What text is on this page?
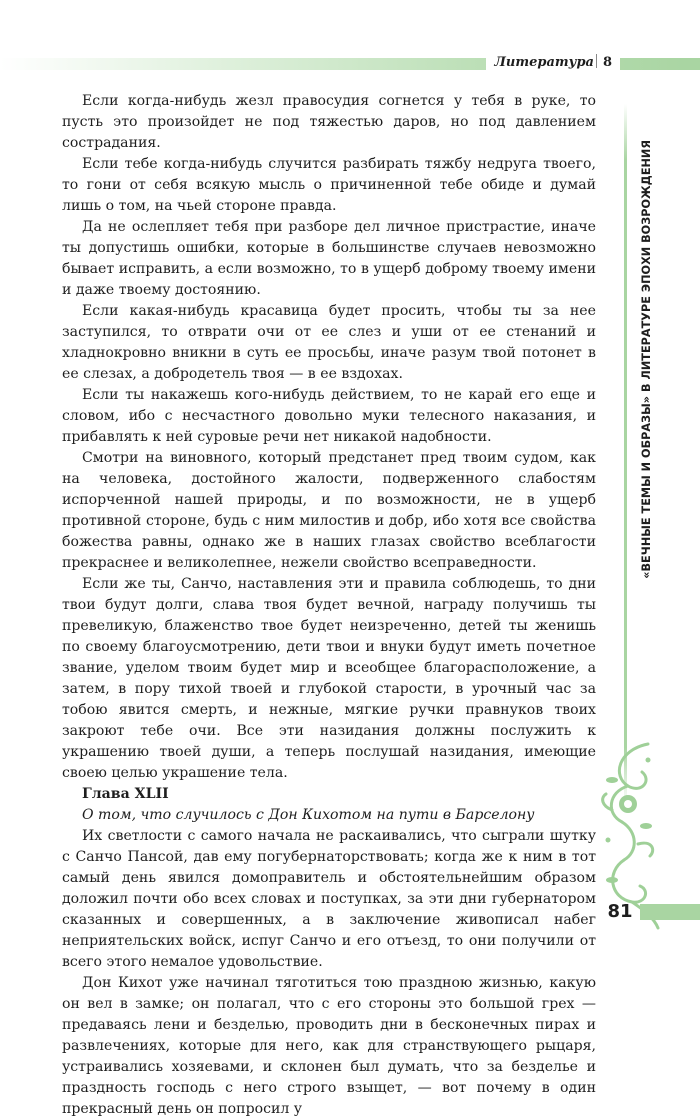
Литература 8
«ВЕЧНЫЕ ТЕМЫ И ОБРАЗЫ» В ЛИТЕРАТУРЕ ЭПОХИ ВОЗРОЖДЕНИЯ

Если когда-нибудь жезл правосудия согнется у тебя в руке, то пусть это произойдет не под тяжестью даров, но под давлением сострадания.

Если тебе когда-нибудь случится разбирать тяжбу недруга твоего, то гони от себя всякую мысль о причиненной тебе обиде и думай лишь о том, на чьей стороне правда.

Да не ослепляет тебя при разборе дел личное пристрастие, иначе ты допустишь ошибки, которые в большинстве случаев невозможно бывает исправить, а если возможно, то в ущерб доброму твоему имени и даже твоему достоянию.

Если какая-нибудь красавица будет просить, чтобы ты за нее заступился, то отврати очи от ее слез и уши от ее стенаний и хладнокровно вникни в суть ее просьбы, иначе разум твой потонет в ее слезах, а добродетель твоя — в ее вздохах.

Если ты накажешь кого-нибудь действием, то не карай его еще и словом, ибо с несчастного довольно муки телесного наказания, и прибавлять к ней суровые речи нет никакой надобности.

Смотри на виновного, который предстанет пред твоим судом, как на человека, достойного жалости, подверженного слабостям испорченной нашей природы, и по возможности, не в ущерб противной стороне, будь с ним милостив и добр, ибо хотя все свойства божества равны, однако же в наших глазах свойство всеблагости прекраснее и великолепнее, нежели свойство всеправедности.

Если же ты, Санчо, наставления эти и правила соблюдешь, то дни твои будут долги, слава твоя будет вечной, награду получишь ты превеликую, блаженство твое будет неизреченно, детей ты женишь по своему благоусмотрению, дети твои и внуки будут иметь почетное звание, уделом твоим будет мир и всеобщее благорасположение, а затем, в пору тихой твоей и глубокой старости, в урочный час за тобою явится смерть, и нежные, мягкие ручки правнуков твоих закроют тебе очи. Все эти назидания должны послужить к украшению твоей души, а теперь послушай назидания, имеющие своею целью украшение тела.

Глава XLII

О том, что случилось с Дон Кихотом на пути в Барселону

Их светлости с самого начала не раскаивались, что сыграли шутку с Санчо Пансой, дав ему погубернаторствовать; когда же к ним в тот самый день явился домоправитель и обстоятельнейшим образом доложил почти обо всех словах и поступках, за эти дни губернатором сказанных и совершенных, а в заключение живописал набег неприятельских войск, испуг Санчо и его отъезд, то они получили от всего этого немалое удовольствие.

Дон Кихот уже начинал тяготиться тою праздною жизнью, какую он вел в замке; он полагал, что с его стороны это большой грех — предаваясь лени и безделью, проводить дни в бесконечных пирах и развлечениях, которые для него, как для странствующего рыцаря, устраивались хозяевами, и склонен был думать, что за безделье и праздность господь с него строго взыщет, — вот почему в один прекрасный день он попросил у

81
